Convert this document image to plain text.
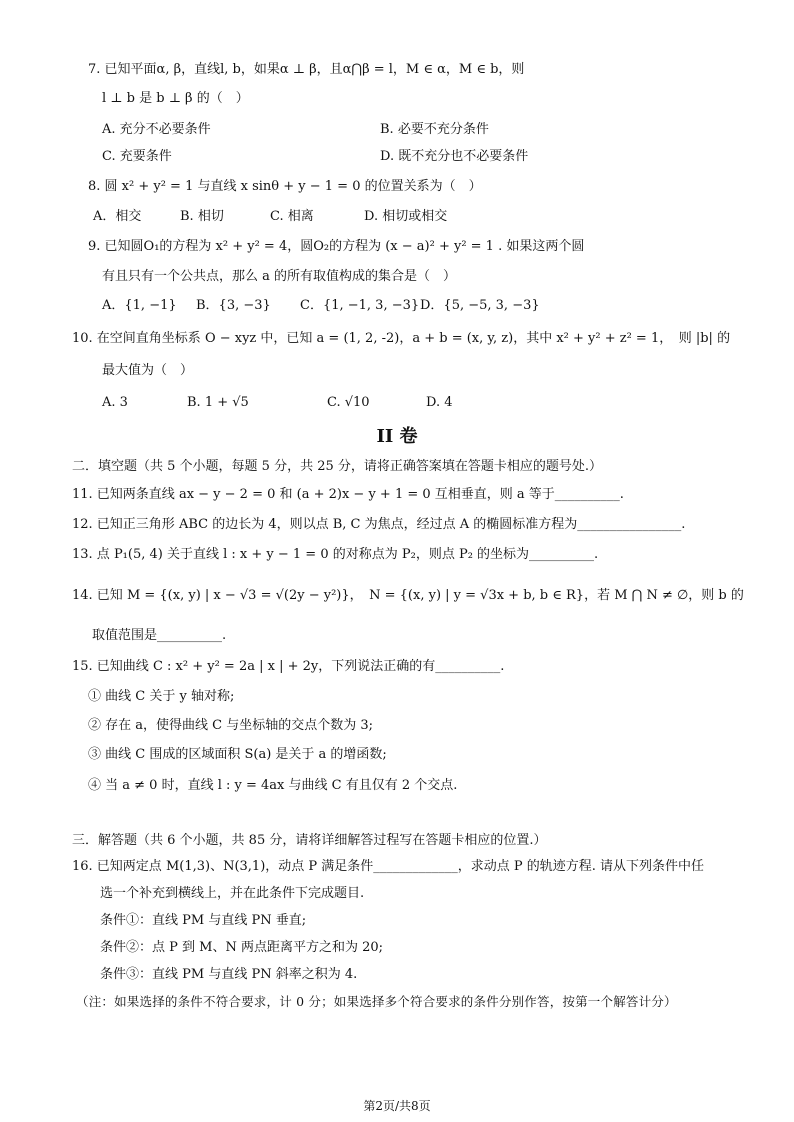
7. 已知平面α, β，直线l, b，如果α ⊥ β，且α⋂β = l，M ∈ α，M ∈ b，则
l ⊥ b 是 b ⊥ β 的（　）
A. 充分不必要条件	B. 必要不充分条件
C. 充要条件	D. 既不充分也不必要条件
8. 圆 x² + y² = 1 与直线 x sinθ + y − 1 = 0 的位置关系为（　）
A．相交	B. 相切	C. 相离	D. 相切或相交
9. 已知圆O₁的方程为 x² + y² = 4，圆O₂的方程为 (x − a)² + y² = 1 . 如果这两个圆
有且只有一个公共点，那么 a 的所有取值构成的集合是（　）
A．{1, −1} B．{3, −3} C．{1, −1, 3, −3} D．{5, −5, 3, −3}
10. 在空间直角坐标系 O − xyz 中，已知 a = (1, 2, -2)，a + b = (x, y, z)，其中 x² + y² + z² = 1，　则 |b| 的
最大值为（　）
A. 3	B. 1 + √5	C. √10	D. 4
II 卷
二．填空题（共 5 个小题，每题 5 分，共 25 分，请将正确答案填在答题卡相应的题号处.）
11. 已知两条直线 ax − y − 2 = 0 和 (a + 2)x − y + 1 = 0 互相垂直，则 a 等于__________.
12. 已知正三角形 ABC 的边长为 4，则以点 B, C 为焦点，经过点 A 的椭圆标准方程为________________.
13. 点 P₁(5, 4) 关于直线 l : x + y − 1 = 0 的对称点为 P₂，则点 P₂ 的坐标为__________.
14. 已知 M = {(x, y) | x − √3 = √(2y − y²)}，　N = {(x, y) | y = √3x + b, b ∈ R}，若 M ⋂ N ≠ ∅，则 b 的
取值范围是__________.
15. 已知曲线 C : x² + y² = 2a | x | + 2y，下列说法正确的有__________.
① 曲线 C 关于 y 轴对称;
② 存在 a，使得曲线 C 与坐标轴的交点个数为 3;
③ 曲线 C 围成的区域面积 S(a) 是关于 a 的增函数;
④ 当 a ≠ 0 时，直线 l : y = 4ax 与曲线 C 有且仅有 2 个交点.
三．解答题（共 6 个小题，共 85 分，请将详细解答过程写在答题卡相应的位置.）
16. 已知两定点 M(1,3)、N(3,1)，动点 P 满足条件_____________，求动点 P 的轨迹方程. 请从下列条件中任
选一个补充到横线上，并在此条件下完成题目.
条件①：直线 PM 与直线 PN 垂直;
条件②：点 P 到 M、N 两点距离平方之和为 20;
条件③：直线 PM 与直线 PN 斜率之积为 4.
（注：如果选择的条件不符合要求，计 0 分；如果选择多个符合要求的条件分别作答，按第一个解答计分）
第2页/共8页
